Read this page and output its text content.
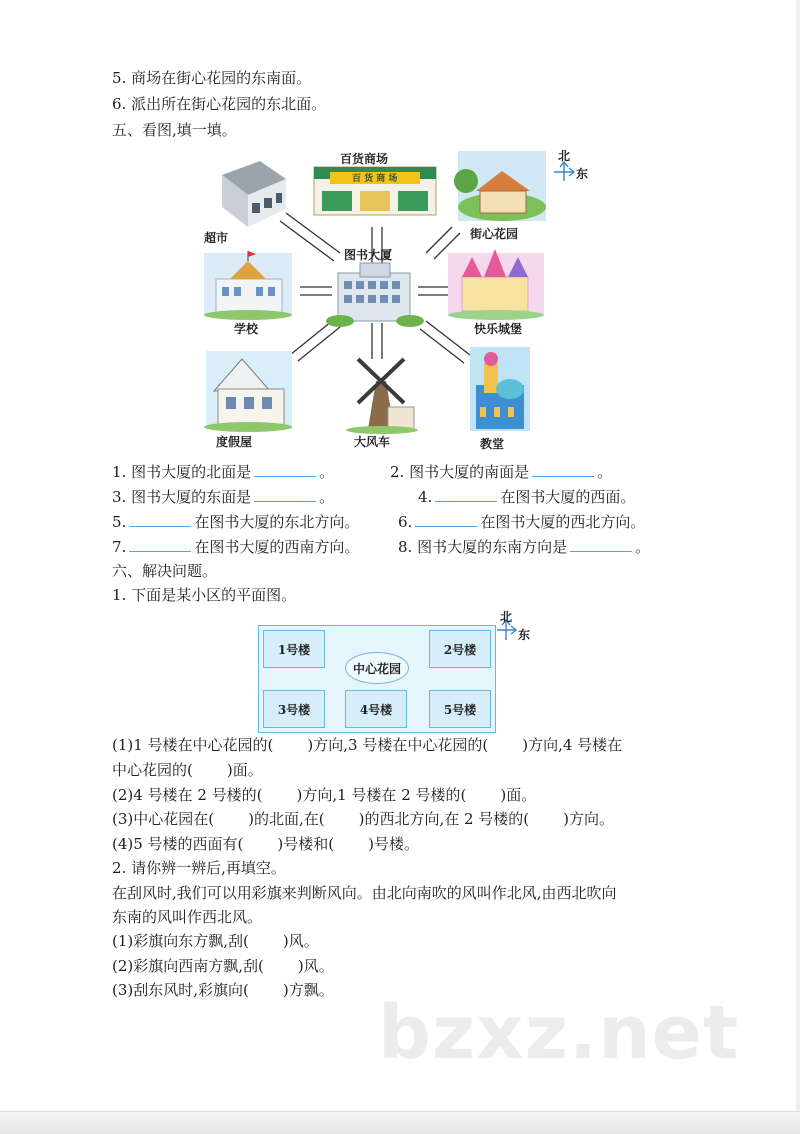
5. 商场在街心花园的东南面。
6. 派出所在街心花园的东北面。
五、看图,填一填。
百货商场
百 货 商 场
超市	街心花园
图书大厦
学校	快乐城堡
度假屋	大风车	教堂
北
东
1. 图书大厦的北面是	。	2. 图书大厦的南面是	。
3. 图书大厦的东面是	。	4.	在图书大厦的西面。
5.	在图书大厦的东北方向。	6.	在图书大厦的西北方向。
7.	在图书大厦的西南方向。	8. 图书大厦的东南方向是	。
六、解决问题。
1. 下面是某小区的平面图。
1号楼	2号楼
中心花园
3号楼	4号楼	5号楼
北
东
(1)1 号楼在中心花园的( )方向,3 号楼在中心花园的( )方向,4 号楼在
中心花园的( )面。
(2)4 号楼在 2 号楼的( )方向,1 号楼在 2 号楼的( )面。
(3)中心花园在( )的北面,在( )的西北方向,在 2 号楼的( )方向。
(4)5 号楼的西面有( )号楼和( )号楼。
2. 请你辨一辨后,再填空。
在刮风时,我们可以用彩旗来判断风向。由北向南吹的风叫作北风,由西北吹向
东南的风叫作西北风。
(1)彩旗向东方飘,刮( )风。
(2)彩旗向西南方飘,刮( )风。
(3)刮东风时,彩旗向( )方飘。 bzxz.net
